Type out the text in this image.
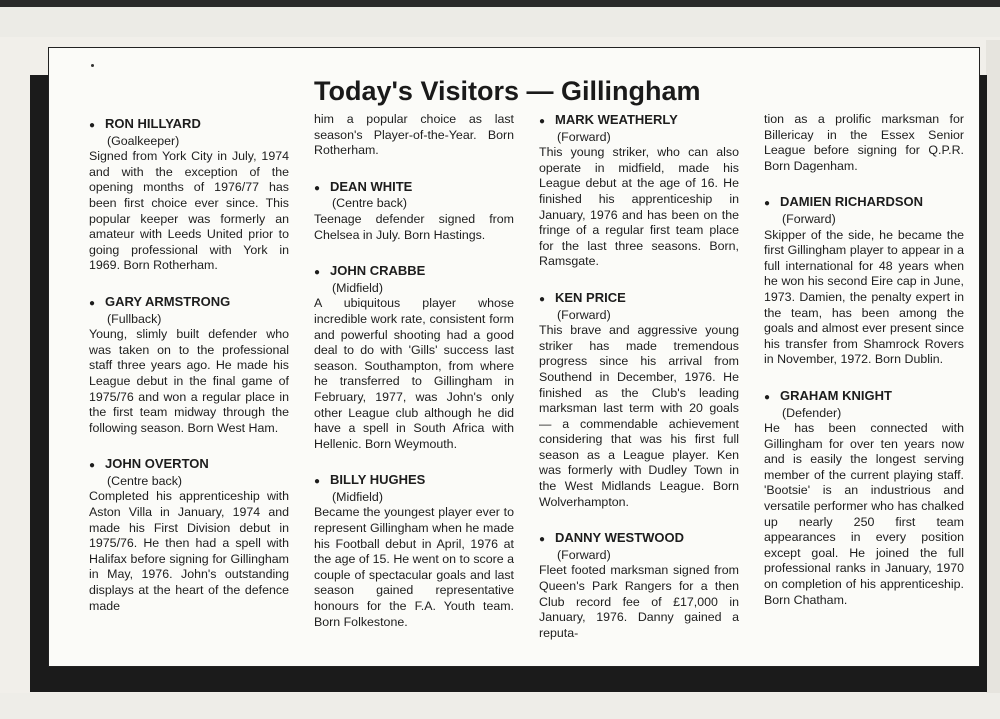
Today's Visitors — Gillingham
● RON HILLYARD
(Goalkeeper)
Signed from York City in July, 1974 and with the exception of the opening months of 1976/77 has been first choice ever since. This popular keeper was formerly an amateur with Leeds United prior to going professional with York in 1969. Born Rotherham.
● GARY ARMSTRONG
(Fullback)
Young, slimly built defender who was taken on to the professional staff three years ago. He made his League debut in the final game of 1975/76 and won a regular place in the first team midway through the following season. Born West Ham.
● JOHN OVERTON
(Centre back)
Completed his apprenticeship with Aston Villa in January, 1974 and made his First Division debut in 1975/76. He then had a spell with Halifax before signing for Gillingham in May, 1976. John's outstanding displays at the heart of the defence made
him a popular choice as last season's Player-of-the-Year. Born Rotherham.
● DEAN WHITE
(Centre back)
Teenage defender signed from Chelsea in July. Born Hastings.
● JOHN CRABBE
(Midfield)
A ubiquitous player whose incredible work rate, consistent form and powerful shooting had a good deal to do with 'Gills' success last season. Southampton, from where he transferred to Gillingham in February, 1977, was John's only other League club although he did have a spell in South Africa with Hellenic. Born Weymouth.
● BILLY HUGHES
(Midfield)
Became the youngest player ever to represent Gillingham when he made his Football debut in April, 1976 at the age of 15. He went on to score a couple of spectacular goals and last season gained representative honours for the F.A. Youth team. Born Folkestone.
● MARK WEATHERLY
(Forward)
This young striker, who can also operate in midfield, made his League debut at the age of 16. He finished his apprenticeship in January, 1976 and has been on the fringe of a regular first team place for the last three seasons. Born, Ramsgate.
● KEN PRICE
(Forward)
This brave and aggressive young striker has made tremendous progress since his arrival from Southend in December, 1976. He finished as the Club's leading marksman last term with 20 goals — a commendable achievement considering that was his first full season as a League player. Ken was formerly with Dudley Town in the West Midlands League. Born Wolverhampton.
● DANNY WESTWOOD
(Forward)
Fleet footed marksman signed from Queen's Park Rangers for a then Club record fee of £17,000 in January, 1976. Danny gained a reputa-
tion as a prolific marksman for Billericay in the Essex Senior League before signing for Q.P.R. Born Dagenham.
● DAMIEN RICHARDSON
(Forward)
Skipper of the side, he became the first Gillingham player to appear in a full international for 48 years when he won his second Eire cap in June, 1973. Damien, the penalty expert in the team, has been among the goals and almost ever present since his transfer from Shamrock Rovers in November, 1972. Born Dublin.
● GRAHAM KNIGHT
(Defender)
He has been connected with Gillingham for over ten years now and is easily the longest serving member of the current playing staff. 'Bootsie' is an industrious and versatile performer who has chalked up nearly 250 first team appearances in every position except goal. He joined the full professional ranks in January, 1970 on completion of his apprenticeship. Born Chatham.
